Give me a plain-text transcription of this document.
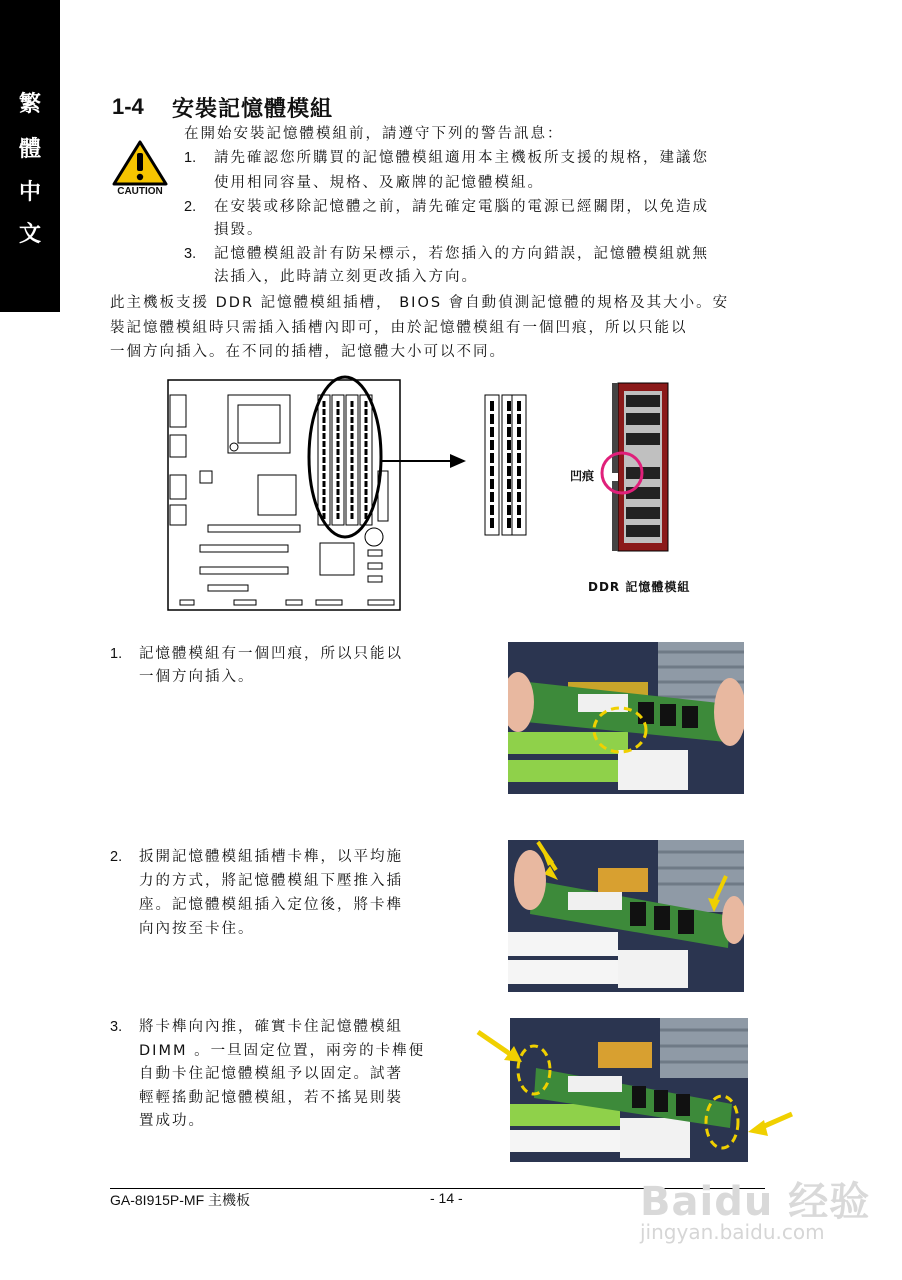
繁
體
中
文
1-4 安裝記憶體模組
在開始安裝記憶體模組前，請遵守下列的警告訊息：
CAUTION
1. 請先確認您所購買的記憶體模組適用本主機板所支援的規格，建議您
使用相同容量、規格、及廠牌的記憶體模組。
2. 在安裝或移除記憶體之前，請先確定電腦的電源已經關閉，以免造成
損毀。
3. 記憶體模組設計有防呆標示，若您插入的方向錯誤，記憶體模組就無
法插入，此時請立刻更改插入方向。
此主機板支援 DDR 記憶體模組插槽， BIOS 會自動偵測記憶體的規格及其大小。安
裝記憶體模組時只需插入插槽內即可，由於記憶體模組有一個凹痕，所以只能以
一個方向插入。在不同的插槽，記憶體大小可以不同。
凹痕
DDR 記憶體模組
1. 記憶體模組有一個凹痕，所以只能以
一個方向插入。
2. 扳開記憶體模組插槽卡榫，以平均施
力的方式，將記憶體模組下壓推入插
座。記憶體模組插入定位後，將卡榫
向內按至卡住。
3. 將卡榫向內推，確實卡住記憶體模組
DIMM 。一旦固定位置，兩旁的卡榫便
自動卡住記憶體模組予以固定。試著
輕輕搖動記憶體模組，若不搖晃則裝
置成功。
GA-8I915P-MF 主機板	- 14 -	Baidu 经验
jingyan.baidu.com
